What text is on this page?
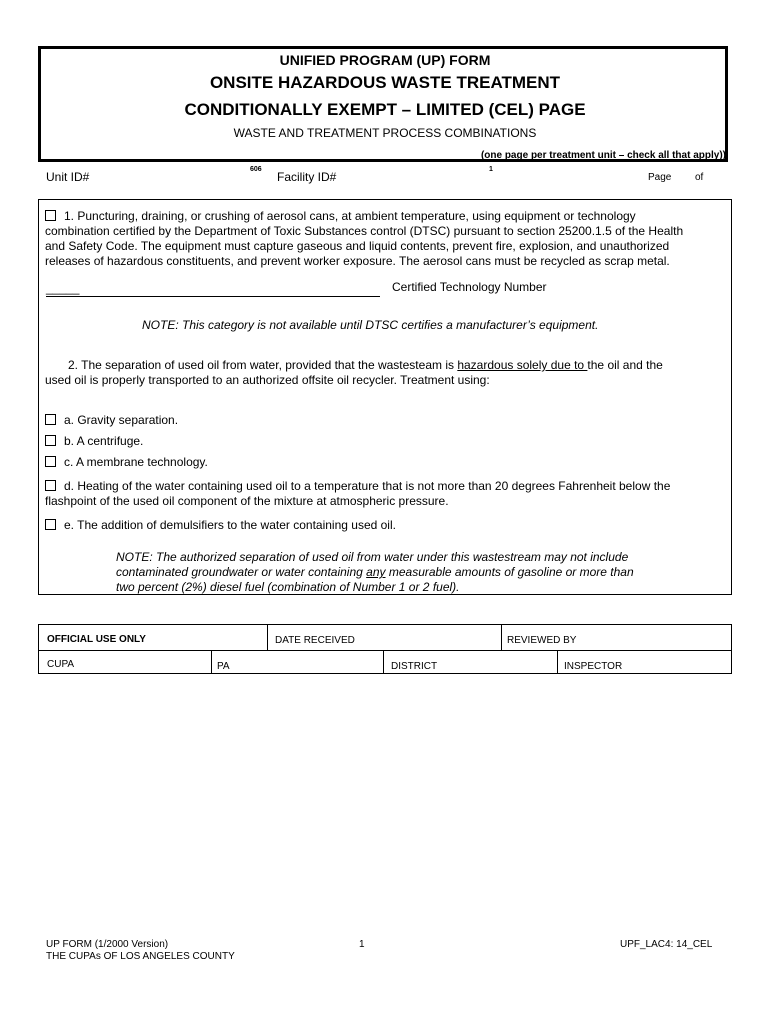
UNIFIED PROGRAM (UP) FORM
ONSITE HAZARDOUS WASTE TREATMENT
CONDITIONALLY EXEMPT – LIMITED (CEL) PAGE
WASTE AND TREATMENT PROCESS COMBINATIONS
(one page per treatment unit – check all that apply))
Unit ID#
606
Facility ID#
1
Page of
1. Puncturing, draining, or crushing of aerosol cans, at ambient temperature, using equipment or technology
combination certified by the Department of Toxic Substances control (DTSC) pursuant to section 25200.1.5 of the Health
and Safety Code. The equipment must capture gaseous and liquid contents, prevent fire, explosion, and unauthorized
releases of hazardous constituents, and prevent worker exposure. The aerosol cans must be recycled as scrap metal.
_____	Certified Technology Number
NOTE: This category is not available until DTSC certifies a manufacturer’s equipment.
2. The separation of used oil from water, provided that the wastesteam is hazardous solely due to the oil and the
used oil is properly transported to an authorized offsite oil recycler. Treatment using:
a. Gravity separation.
b. A centrifuge.
c. A membrane technology.
d. Heating of the water containing used oil to a temperature that is not more than 20 degrees Fahrenheit below the
flashpoint of the used oil component of the mixture at atmospheric pressure.
e. The addition of demulsifiers to the water containing used oil.
NOTE: The authorized separation of used oil from water under this wastestream may not include
contaminated groundwater or water containing any measurable amounts of gasoline or more than
two percent (2%) diesel fuel (combination of Number 1 or 2 fuel).
OFFICIAL USE ONLY	DATE RECEIVED	REVIEWED BY
CUPA	PA	DISTRICT	INSPECTOR
UP FORM (1/2000 Version)
THE CUPAs OF LOS ANGELES COUNTY
1	UPF_LAC4: 14_CEL
